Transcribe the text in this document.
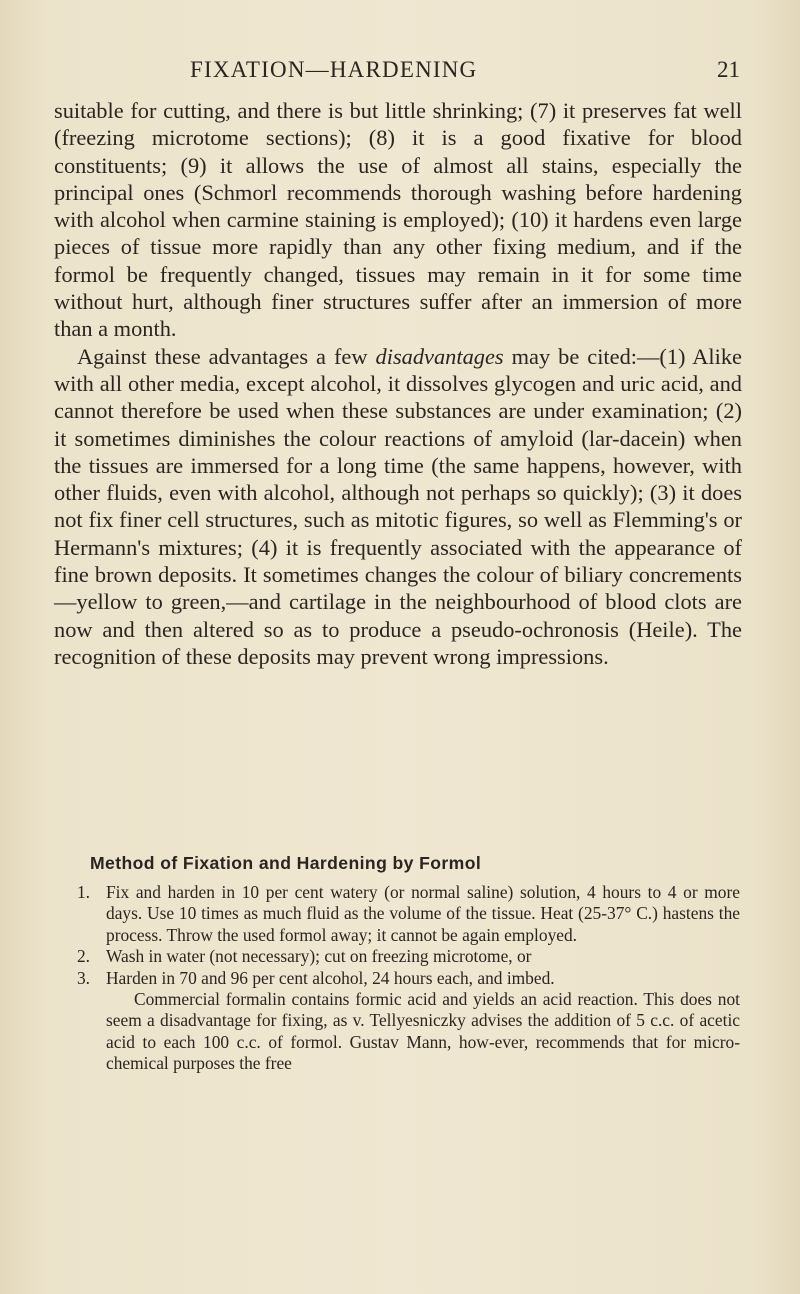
FIXATION—HARDENING	21

suitable for cutting, and there is but little shrinking; (7) it preserves fat well (freezing microtome sections); (8) it is a good fixative for blood constituents; (9) it allows the use of almost all stains, especially the principal ones (Schmorl recommends thorough washing before hardening with alcohol when carmine staining is employed); (10) it hardens even large pieces of tissue more rapidly than any other fixing medium, and if the formol be frequently changed, tissues may remain in it for some time without hurt, although finer structures suffer after an immersion of more than a month.

Against these advantages a few disadvantages may be cited:—(1) Alike with all other media, except alcohol, it dissolves glycogen and uric acid, and cannot therefore be used when these substances are under examination; (2) it sometimes diminishes the colour reactions of amyloid (lar-dacein) when the tissues are immersed for a long time (the same happens, however, with other fluids, even with alcohol, although not perhaps so quickly); (3) it does not fix finer cell structures, such as mitotic figures, so well as Flemming's or Hermann's mixtures; (4) it is frequently associated with the appearance of fine brown deposits. It sometimes changes the colour of biliary concrements—yellow to green,—and cartilage in the neighbourhood of blood clots are now and then altered so as to produce a pseudo-ochronosis (Heile). The recognition of these deposits may prevent wrong impressions.

Method of Fixation and Hardening by Formol
1 . Fix and harden in 10 per cent watery (or normal saline) solution, 4 hours to 4 or more days. Use 10 times as much fluid as the volume of the tissue. Heat (25-37° C.) hastens the process. Throw the used formol away; it cannot be again employed.
2 . Wash in water (not necessary); cut on freezing microtome, or
3 . Harden in 70 and 96 per cent alcohol, 24 hours each, and imbed.
Commercial formalin contains formic acid and yields an acid reaction. This does not seem a disadvantage for fixing, as v. Tellyesniczky advises the addition of 5 c.c. of acetic acid to each 100 c.c. of formol. Gustav Mann, how-ever, recommends that for micro-chemical purposes the free
